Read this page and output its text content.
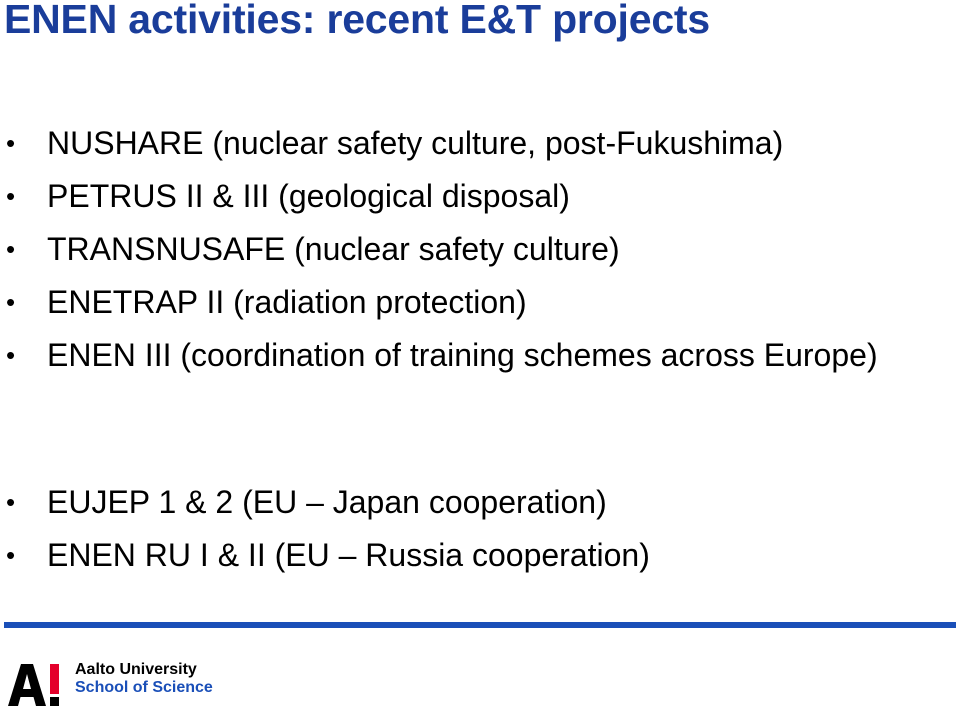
ENEN activities: recent E&T projects
• NUSHARE (nuclear safety culture, post-Fukushima)
• PETRUS II & III (geological disposal)
• TRANSNUSAFE (nuclear safety culture)
• ENETRAP II (radiation protection)
• ENEN III (coordination of training schemes across Europe)
• EUJEP 1 & 2 (EU – Japan cooperation)
• ENEN RU I & II (EU – Russia cooperation)
Aalto University
School of Science
